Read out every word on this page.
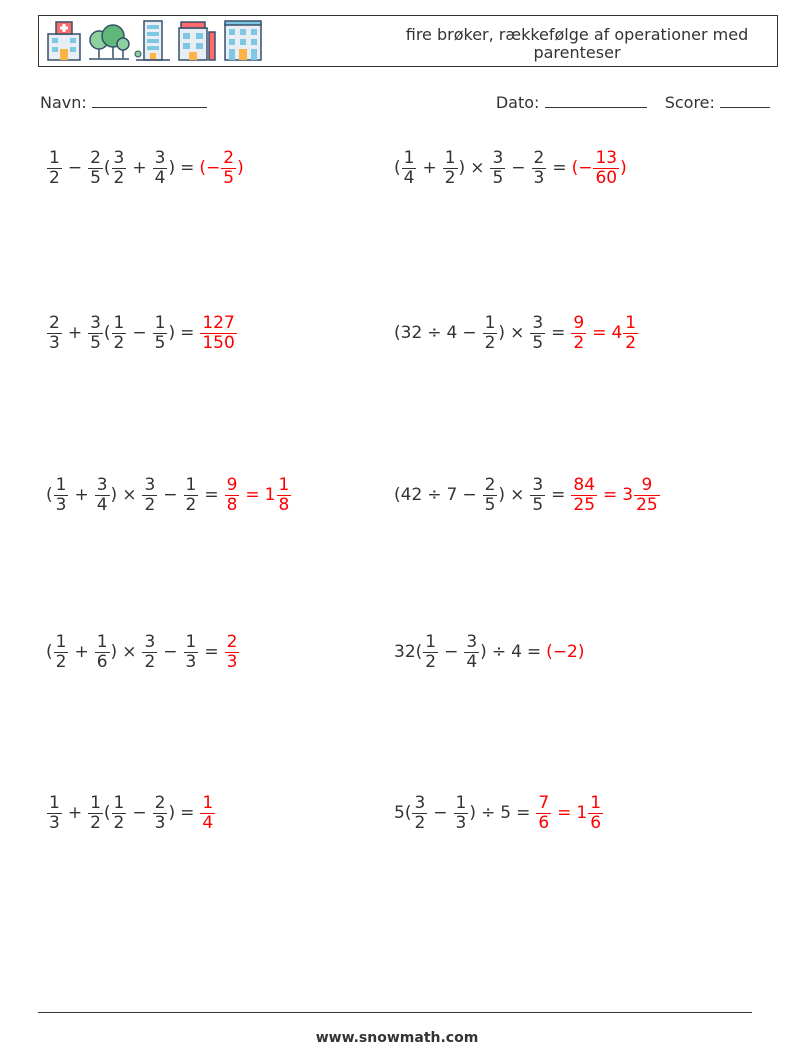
fire brøker, rækkefølge af operationer med parenteser
Navn:	Dato:	Score:
$\frac{1}{2} - \frac{2}{5}$ ( $\frac{3}{2} + \frac{3}{4}$ ) = (− $\frac{2}{5}$ )	( $\frac{1}{4} + \frac{1}{2}$ ) × $\frac{3}{5} - \frac{2}{3}$ = (− $\frac{13}{60}$ )
$\frac{2}{3} + \frac{3}{5}$ ( $\frac{1}{2} - \frac{1}{5}$ ) = $\frac{127}{150}$	($32 \div 4 - \frac{1}{2}$ ) × $\frac{3}{5} = \frac{9}{2} = 4 \frac{1}{2}$
( $\frac{1}{3} + \frac{3}{4}$ ) × $\frac{3}{2} - \frac{1}{2} = \frac{9}{8} = 1 \frac{1}{8}$	($42 \div 7 - \frac{2}{5}$ ) × $\frac{3}{5} = \frac{84}{25} = 3 \frac{9}{25}$
( $\frac{1}{2} + \frac{1}{6}$ ) × $\frac{3}{2} - \frac{1}{3} = \frac{2}{3}$	$32( \frac{1}{2} - \frac{3}{4}$ ) ÷ 4 = (−2)
$\frac{1}{3} + \frac{1}{2}$ ( $\frac{1}{2} - \frac{2}{3}$ ) = $\frac{1}{4}$	$5( \frac{3}{2} - \frac{1}{3}$ ) ÷ $5 = \frac{7}{6} = 1 \frac{1}{6}$
www.snowmath.com
